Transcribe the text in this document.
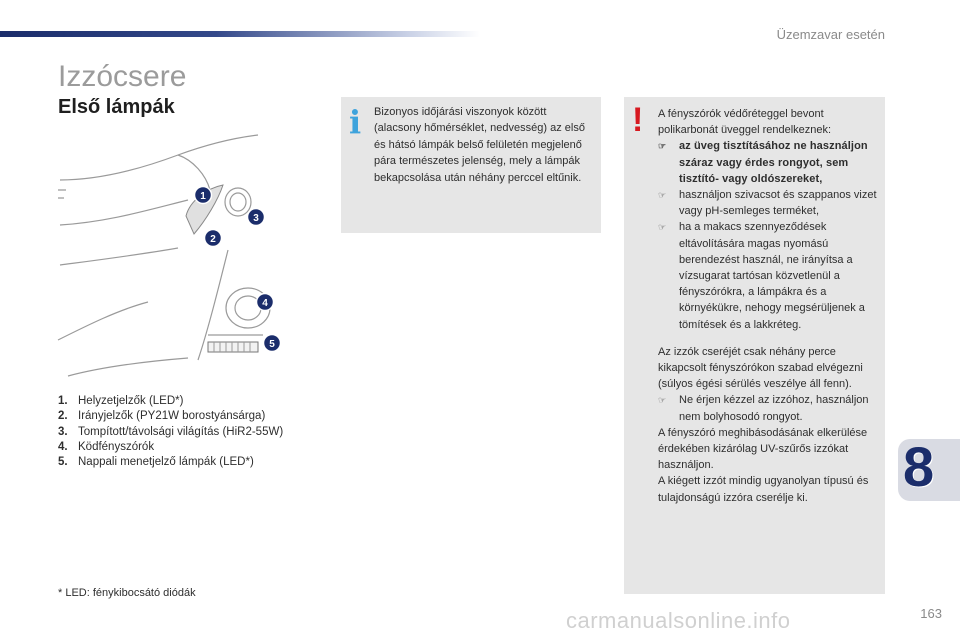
Üzemzavar esetén
Izzócsere
Első lámpák
1
2
3
4
5
1. Helyzetjelzők (LED*)
2. Irányjelzők (PY21W borostyánsárga)
3. Tompított/távolsági világítás (HiR2-55W)
4. Ködfényszórók
5. Nappali menetjelző lámpák (LED*)
* LED: fénykibocsátó diódák
i Bizonyos időjárási viszonyok között (alacsony hőmérséklet, nedvesség) az első és hátsó lámpák belső felületén megjelenő pára természetes jelenség, mely a lámpák bekapcsolása után néhány perccel eltűnik.
! A fényszórók védőréteggel bevont polikarbonát üveggel rendelkeznek:

☞ az üveg tisztításához ne használjon száraz vagy érdes rongyot, sem tisztító- vagy oldószereket,
☞ használjon szivacsot és szappanos vizet vagy pH-semleges terméket,
☞ ha a makacs szennyeződések eltávolítására magas nyomású berendezést használ, ne irányítsa a vízsugarat tartósan közvetlenül a fényszórókra, a lámpákra és a környékükre, nehogy megsérüljenek a tömítések és a lakkréteg.

Az izzók cseréjét csak néhány perce kikapcsolt fényszórókon szabad elvégezni (súlyos égési sérülés veszélye áll fenn).

☞ Ne érjen kézzel az izzóhoz, használjon nem bolyhosodó rongyot.

A fényszóró meghibásodásának elkerülése érdekében kizárólag UV-szűrős izzókat használjon.

A kiégett izzót mindig ugyanolyan típusú és tulajdonságú izzóra cserélje ki.	8
carmanualsonline.info	163
